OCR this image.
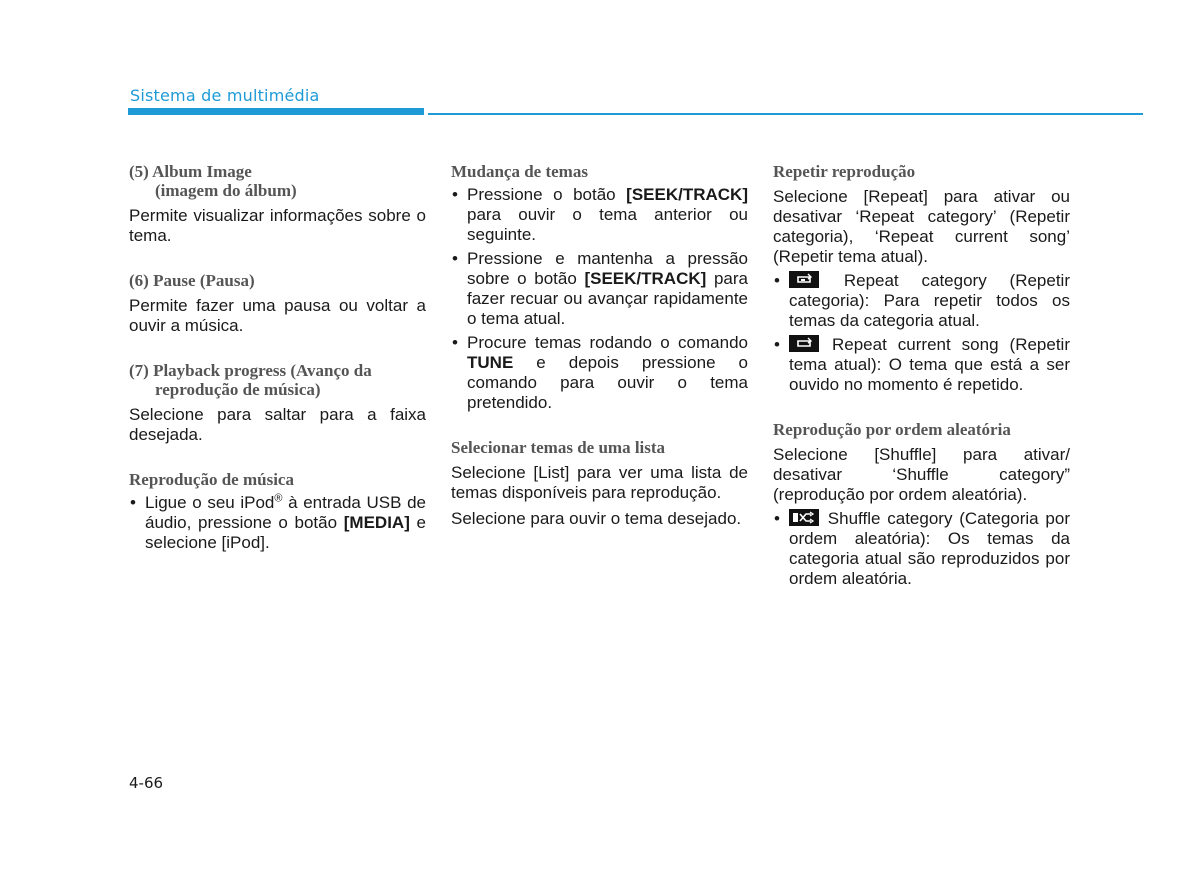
Sistema de multimédia
(5) Album Image
(imagem do álbum)

Permite visualizar informações sobre o tema.

(6) Pause (Pausa)

Permite fazer uma pausa ou voltar a ouvir a música.

(7) Playback progress (Avanço da
reprodução de música)

Selecione para saltar para a faixa desejada.

Reprodução de música
• Ligue o seu iPod® à entrada USB de áudio, pressione o botão [MEDIA] e selecione [iPod].
Mudança de temas
• Pressione o botão [SEEK/TRACK] para ouvir o tema anterior ou seguinte.
• Pressione e mantenha a pressão sobre o botão [SEEK/TRACK] para fazer recuar ou avançar rapidamente o tema atual.
• Procure temas rodando o comando TUNE e depois pressione o comando para ouvir o tema pretendido.
Selecionar temas de uma lista

Selecione [List] para ver uma lista de temas disponíveis para reprodução.

Selecione para ouvir o tema desejado.

Repetir reprodução

Selecione [Repeat] para ativar ou desativar ‘Repeat category’ (Repetir categoria), ‘Repeat current song’ (Repetir tema atual).

• Repeat category (Repetir categoria): Para repetir todos os temas da categoria atual.
• Repeat current song (Repetir tema atual): O tema que está a ser ouvido no momento é repetido.
Reprodução por ordem aleatória

Selecione [Shuffle] para ativar/ desativar ‘Shuffle category” (reprodução por ordem aleatória).

• Shuffle category (Categoria por ordem aleatória): Os temas da categoria atual são reproduzidos por ordem aleatória.
4-66
